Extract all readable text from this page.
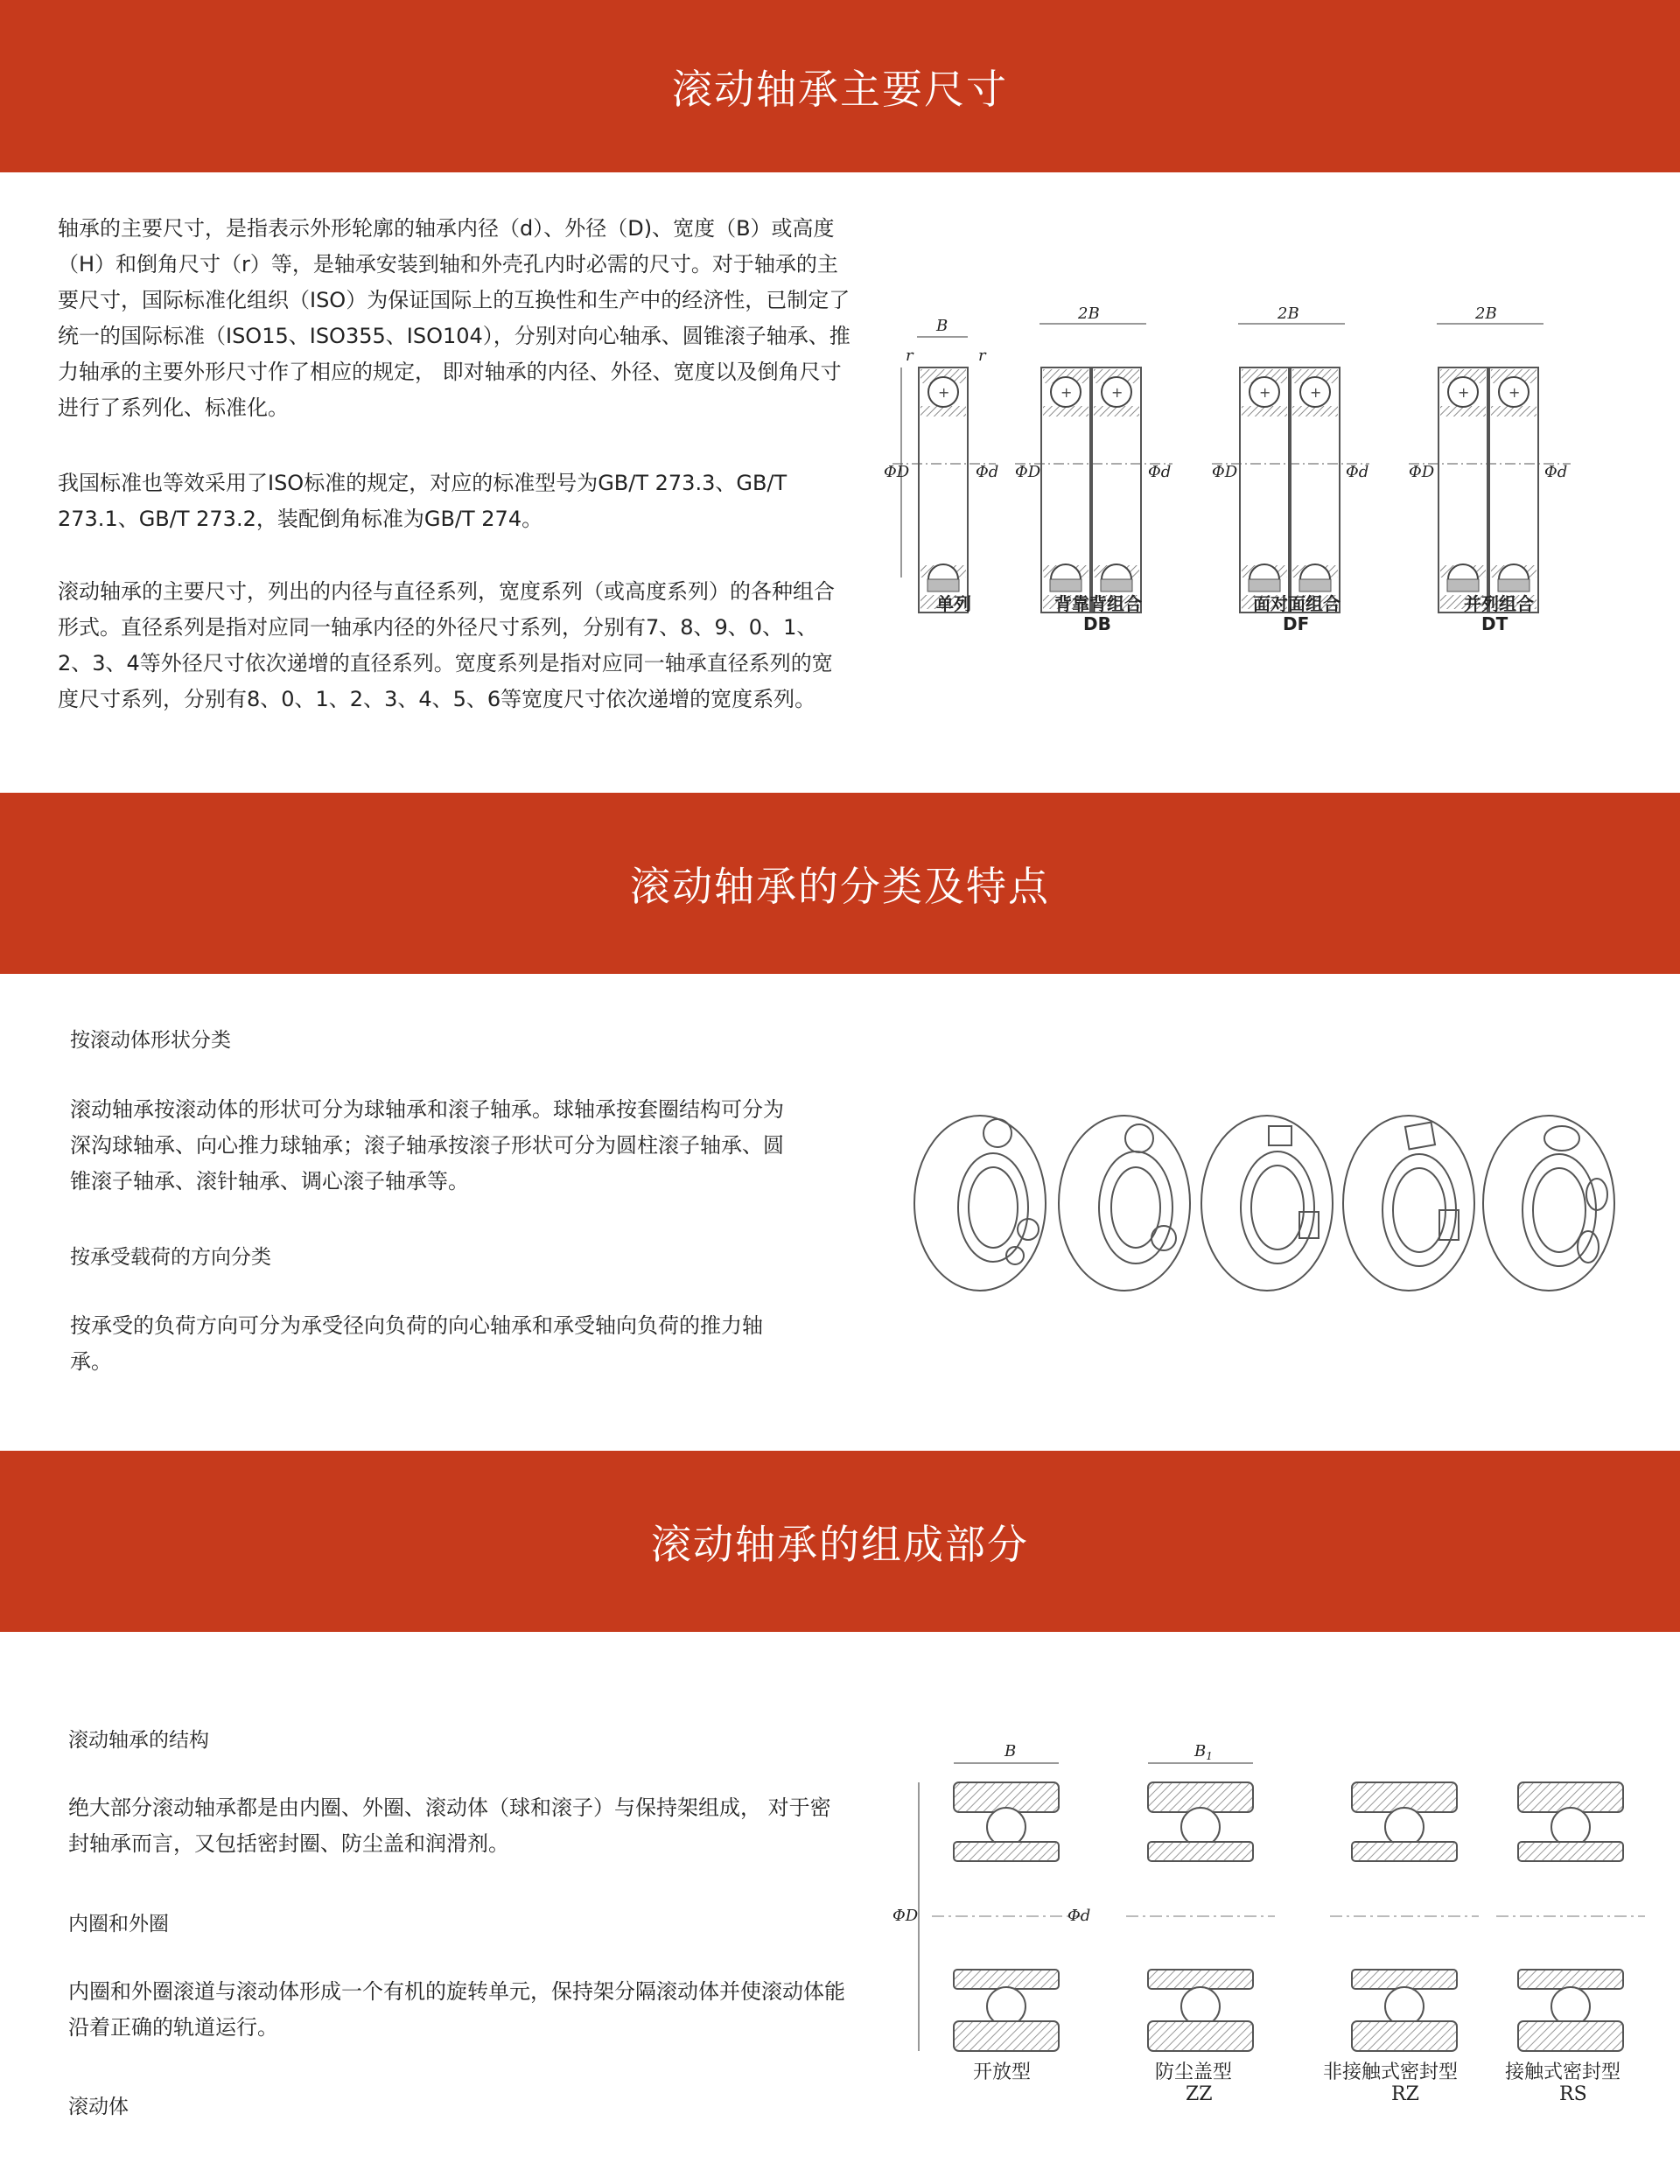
滚动轴承主要尺寸

轴承的主要尺寸，是指表示外形轮廓的轴承内径（d）、外径（D)、宽度（B）或高度（H）和倒角尺寸（r）等，是轴承安装到轴和外壳孔内时必需的尺寸。对于轴承的主要尺寸，国际标准化组织（ISO）为保证国际上的互换性和生产中的经济性，已制定了统一的国际标准（ISO15、ISO355、ISO104），分别对向心轴承、圆锥滚子轴承、推力轴承的主要外形尺寸作了相应的规定， 即对轴承的内径、外径、宽度以及倒角尺寸进行了系列化、标准化。

我国标准也等效采用了ISO标准的规定，对应的标准型号为GB/T 273.3、GB/T 273.1、GB/T 273.2，装配倒角标准为GB/T 274。

滚动轴承的主要尺寸，列出的内径与直径系列，宽度系列（或高度系列）的各种组合形式。直径系列是指对应同一轴承内径的外径尺寸系列，分别有7、8、9、0、1、2、3、4等外径尺寸依次递增的直径系列。宽度系列是指对应同一轴承直径系列的宽度尺寸系列，分别有8、0、1、2、3、4、5、6等宽度尺寸依次递增的宽度系列。

+
B
ΦD	Φd
r	r
2B
ΦD	Φd
2B
ΦD	Φd
2B
ΦD	Φd
单列	背靠背组合
DB
面对面组合
DF
并列组合
DT
滚动轴承的分类及特点

按滚动体形状分类

滚动轴承按滚动体的形状可分为球轴承和滚子轴承。球轴承按套圈结构可分为深沟球轴承、向心推力球轴承；滚子轴承按滚子形状可分为圆柱滚子轴承、圆锥滚子轴承、滚针轴承、调心滚子轴承等。

按承受载荷的方向分类

按承受的负荷方向可分为承受径向负荷的向心轴承和承受轴向负荷的推力轴承。

滚动轴承的组成部分

滚动轴承的结构

绝大部分滚动轴承都是由内圈、外圈、滚动体（球和滚子）与保持架组成， 对于密封轴承而言，又包括密封圈、防尘盖和润滑剂。

内圈和外圈

内圈和外圈滚道与滚动体形成一个有机的旋转单元，保持架分隔滚动体并使滚动体能沿着正确的轨道运行。

滚动体

B
ΦD	Φd
$B_1$
开放型	防尘盖型
ZZ
非接触式密封型
RZ
接触式密封型
RS
